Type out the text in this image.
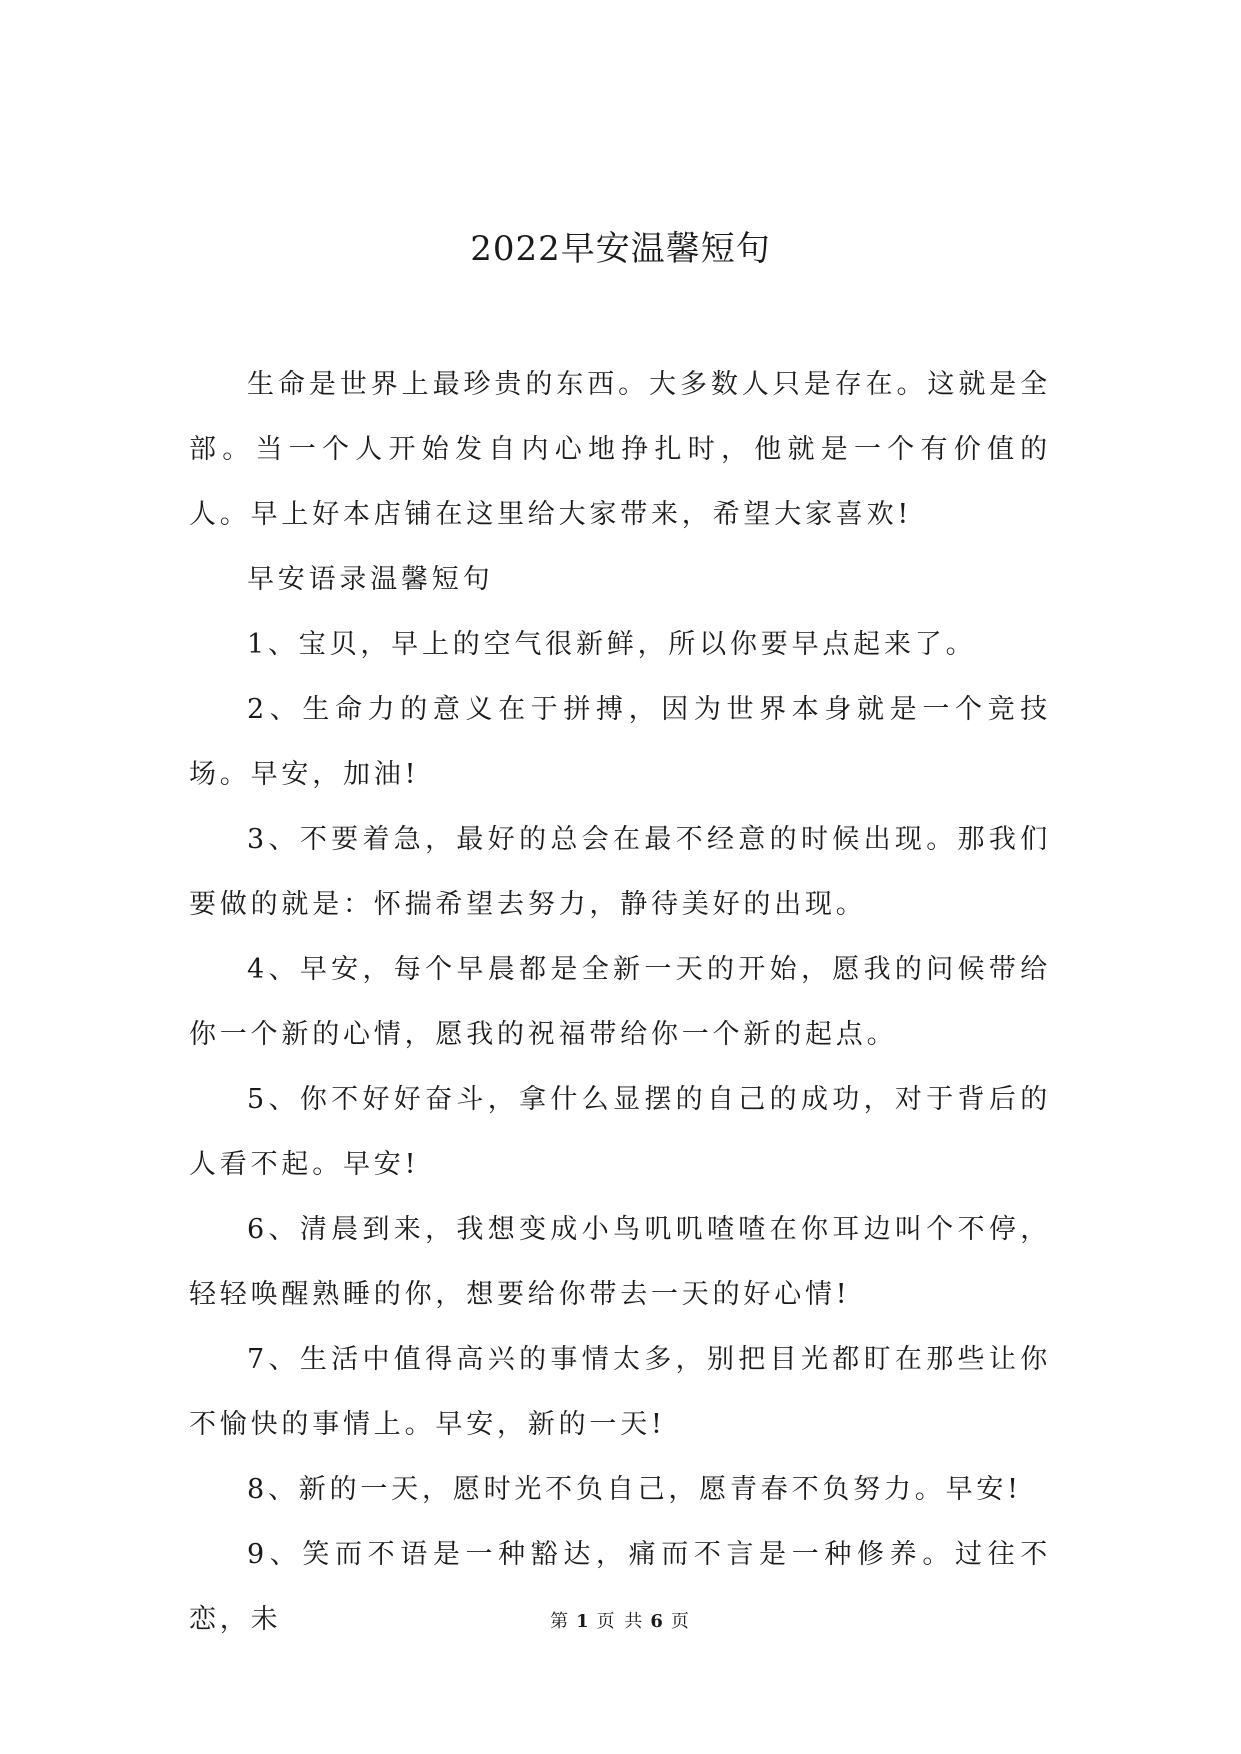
2022早安温馨短句

生命是世界上最珍贵的东西。大多数人只是存在。这就是全部。当一个人开始发自内心地挣扎时，他就是一个有价值的人。早上好本店铺在这里给大家带来，希望大家喜欢!

早安语录温馨短句

1、宝贝，早上的空气很新鲜，所以你要早点起来了。

2、生命力的意义在于拼搏，因为世界本身就是一个竞技场。早安，加油!

3、不要着急，最好的总会在最不经意的时候出现。那我们要做的就是：怀揣希望去努力，静待美好的出现。

4、早安，每个早晨都是全新一天的开始，愿我的问候带给你一个新的心情，愿我的祝福带给你一个新的起点。

5、你不好好奋斗，拿什么显摆的自己的成功，对于背后的人看不起。早安!

6、清晨到来，我想变成小鸟叽叽喳喳在你耳边叫个不停，轻轻唤醒熟睡的你，想要给你带去一天的好心情!

7、生活中值得高兴的事情太多，别把目光都盯在那些让你不愉快的事情上。早安，新的一天!

8、新的一天，愿时光不负自己，愿青春不负努力。早安!

9、笑而不语是一种豁达，痛而不言是一种修养。过往不恋，未	第 1 页 共 6 页
